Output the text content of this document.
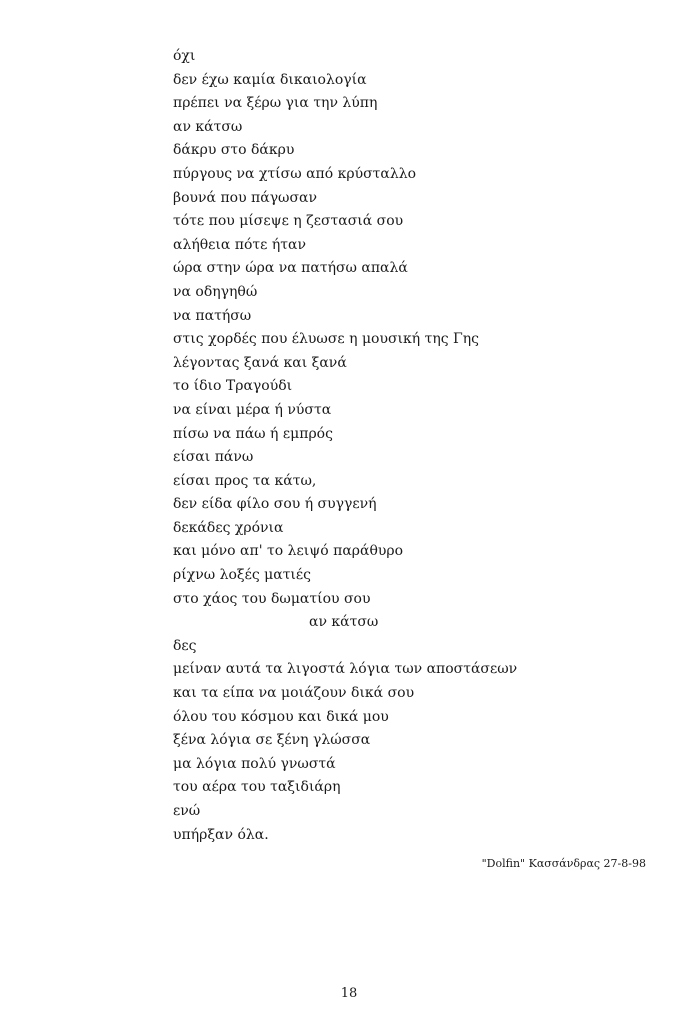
όχι
δεν έχω καμία δικαιολογία
πρέπει να ξέρω για την λύπη
αν κάτσω
δάκρυ στο δάκρυ
πύργους να χτίσω από κρύσταλλο
βουνά που πάγωσαν
τότε που μίσεψε η ζεστασιά σου
αλήθεια πότε ήταν
ώρα στην ώρα να πατήσω απαλά
να οδηγηθώ
να πατήσω
στις χορδές που έλυωσε η μουσική της Γης
λέγοντας ξανά και ξανά
το ίδιο Τραγούδι
να είναι μέρα ή νύστα
πίσω να πάω ή εμπρός
είσαι πάνω
είσαι προς τα κάτω,
δεν είδα φίλο σου ή συγγενή
δεκάδες χρόνια
και μόνο απ' το λειψό παράθυρο
ρίχνω λοξές ματιές
στο χάος του δωματίου σου
αν κάτσω
δες
μείναν αυτά τα λιγοστά λόγια των αποστάσεων
και τα είπα να μοιάζουν δικά σου
όλου του κόσμου και δικά μου
ξένα λόγια σε ξένη γλώσσα
μα λόγια πολύ γνωστά
του αέρα του ταξιδιάρη
ενώ
υπήρξαν όλα.
"Dolfin" Κασσάνδρας 27-8-98
18
